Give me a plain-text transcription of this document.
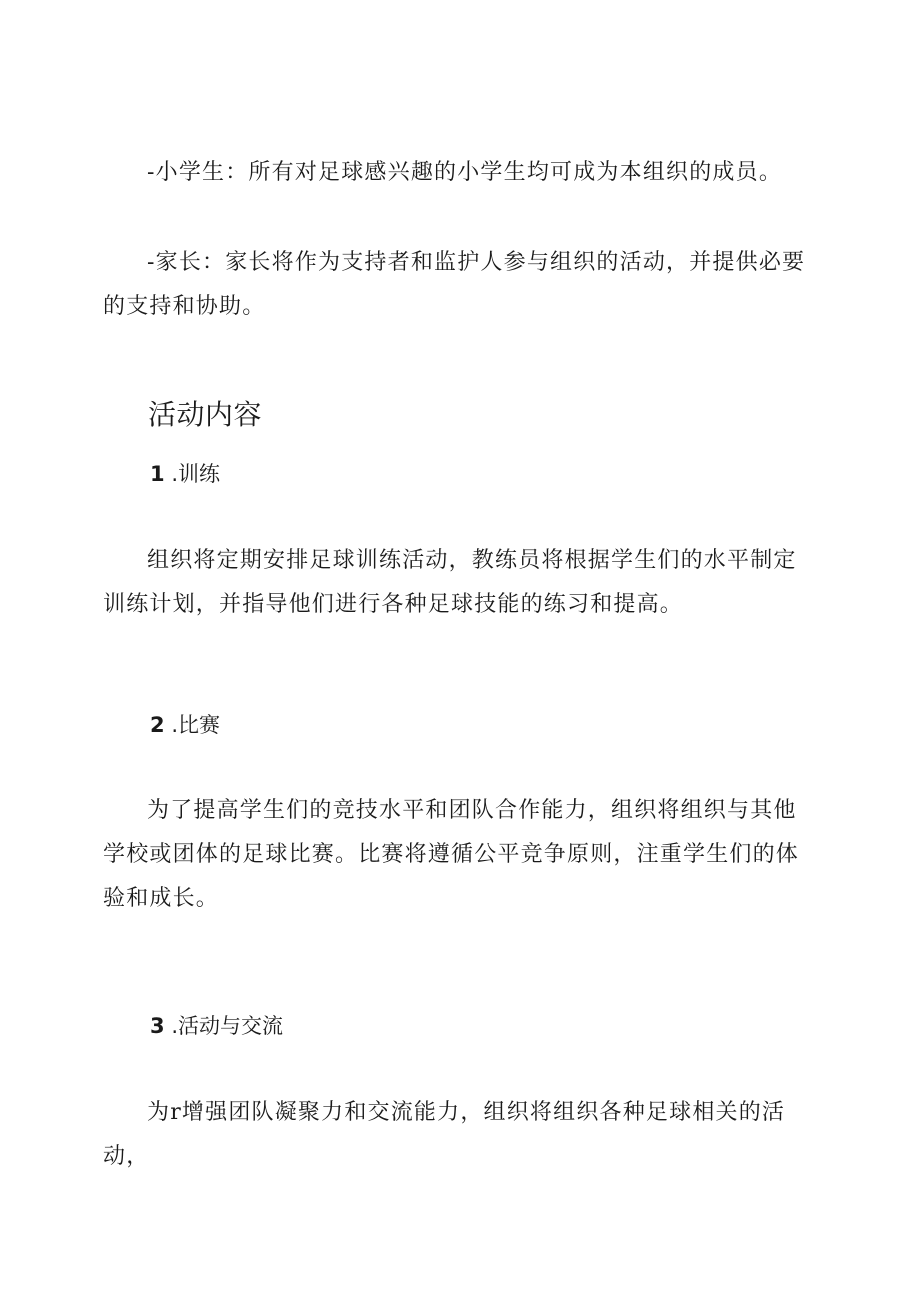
-小学生：所有对足球感兴趣的小学生均可成为本组织的成员。

-家长：家长将作为支持者和监护人参与组织的活动，并提供必要的支持和协助。

活动内容
1 .训练

组织将定期安排足球训练活动，教练员将根据学生们的水平制定训练计划，并指导他们进行各种足球技能的练习和提高。

2 .比赛

为了提高学生们的竞技水平和团队合作能力，组织将组织与其他学校或团体的足球比赛。比赛将遵循公平竞争原则，注重学生们的体验和成长。

3 .活动与交流

为r增强团队凝聚力和交流能力，组织将组织各种足球相关的活动，
